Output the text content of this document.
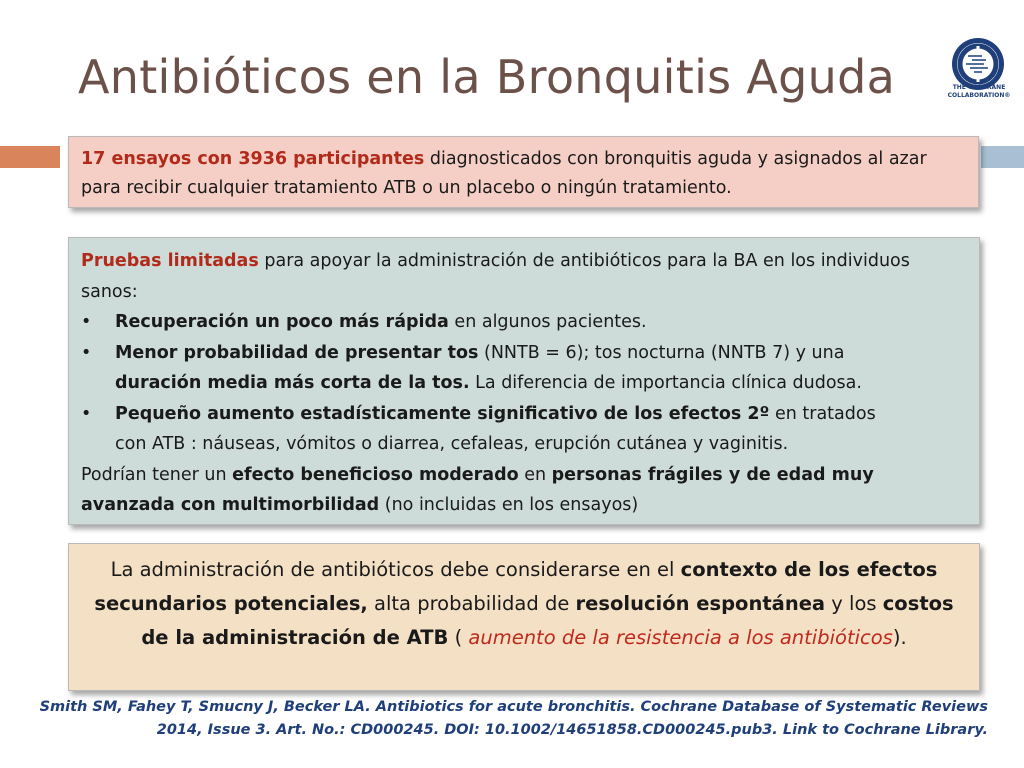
Antibióticos en la Bronquitis Aguda	THE COCHRANE
COLLABORATION®
17 ensayos con 3936 participantes diagnosticados con bronquitis aguda y asignados al azar para recibir cualquier tratamiento ATB o un placebo o ningún tratamiento.
Pruebas limitadas para apoyar la administración de antibióticos para la BA en los individuos sanos:
•	Recuperación un poco más rápida en algunos pacientes.
•	Menor probabilidad de presentar tos (NNTB = 6); tos nocturna (NNTB 7) y una
duración media más corta de la tos. La diferencia de importancia clínica dudosa.
•	Pequeño aumento estadísticamente significativo de los efectos 2º en tratados
con ATB : náuseas, vómitos o diarrea, cefaleas, erupción cutánea y vaginitis.
Podrían tener un efecto beneficioso moderado en personas frágiles y de edad muy avanzada con multimorbilidad (no incluidas en los ensayos)
La administración de antibióticos debe considerarse en el contexto de los efectos secundarios potenciales, alta probabilidad de resolución espontánea y los costos de la administración de ATB ( aumento de la resistencia a los antibióticos).
Smith SM, Fahey T, Smucny J, Becker LA. Antibiotics for acute bronchitis. Cochrane Database of Systematic Reviews
2014, Issue 3. Art. No.: CD000245. DOI: 10.1002/14651858.CD000245.pub3. Link to Cochrane Library.
